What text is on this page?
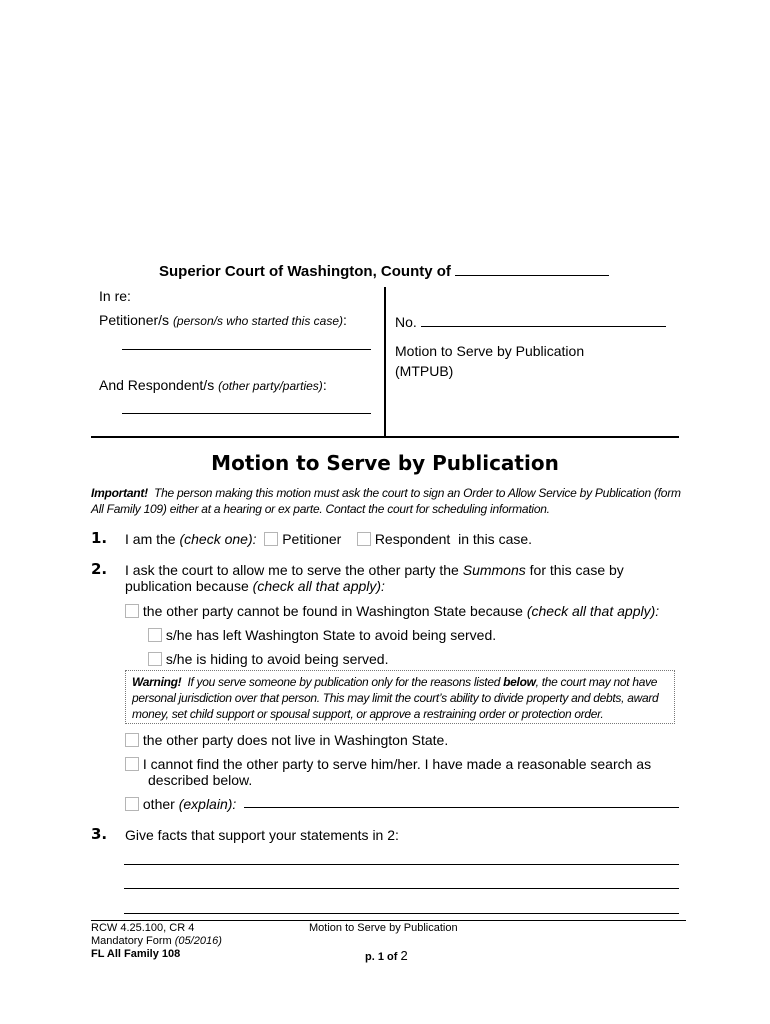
Superior Court of Washington, County of
In re:
Petitioner/s (person/s who started this case):
And Respondent/s (other party/parties):
No.
Motion to Serve by Publication
(MTPUB)
Motion to Serve by Publication
Important! The person making this motion must ask the court to sign an Order to Allow Service by Publication (form All Family 109) either at a hearing or ex parte. Contact the court for scheduling information.
1. I am the (check one): Petitioner Respondent in this case.
2. I ask the court to allow me to serve the other party the Summons for this case by
publication because (check all that apply):
the other party cannot be found in Washington State because (check all that apply):
s/he has left Washington State to avoid being served.
s/he is hiding to avoid being served.
Warning! If you serve someone by publication only for the reasons listed below, the court may not have personal jurisdiction over that person. This may limit the court’s ability to divide property and debts, award money, set child support or spousal support, or approve a restraining order or protection order.
the other party does not live in Washington State.
I cannot find the other party to serve him/her. I have made a reasonable search as
described below.
other (explain):
3. Give facts that support your statements in 2:
RCW 4.25.100, CR 4
Mandatory Form (05/2016)
FL All Family 108
Motion to Serve by Publication
p. 1 of 2
